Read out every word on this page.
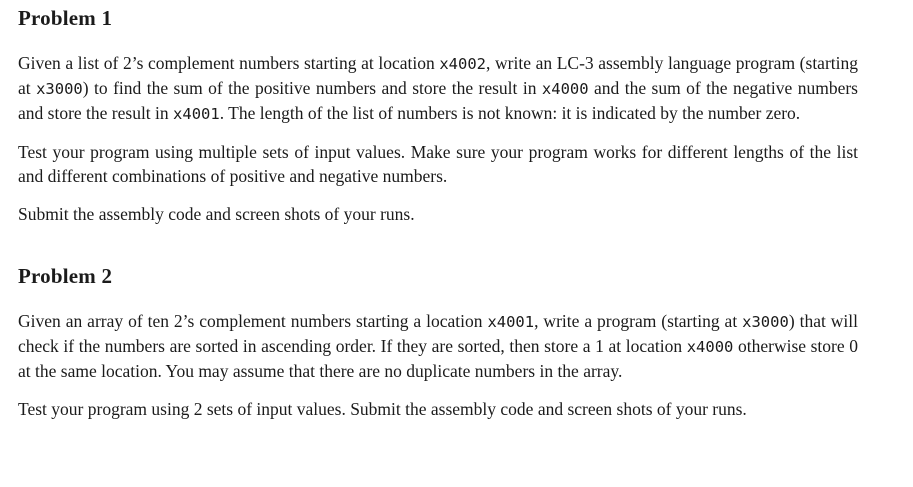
Problem 1

Given a list of 2’s complement numbers starting at location x4002, write an LC-3 assembly language program (starting at x3000) to find the sum of the positive numbers and store the result in x4000 and the sum of the negative numbers and store the result in x4001. The length of the list of numbers is not known: it is indicated by the number zero.

Test your program using multiple sets of input values. Make sure your program works for different lengths of the list and different combinations of positive and negative numbers.

Submit the assembly code and screen shots of your runs.

Problem 2

Given an array of ten 2’s complement numbers starting a location x4001, write a program (starting at x3000) that will check if the numbers are sorted in ascending order. If they are sorted, then store a 1 at location x4000 otherwise store 0 at the same location. You may assume that there are no duplicate numbers in the array.

Test your program using 2 sets of input values. Submit the assembly code and screen shots of your runs.
